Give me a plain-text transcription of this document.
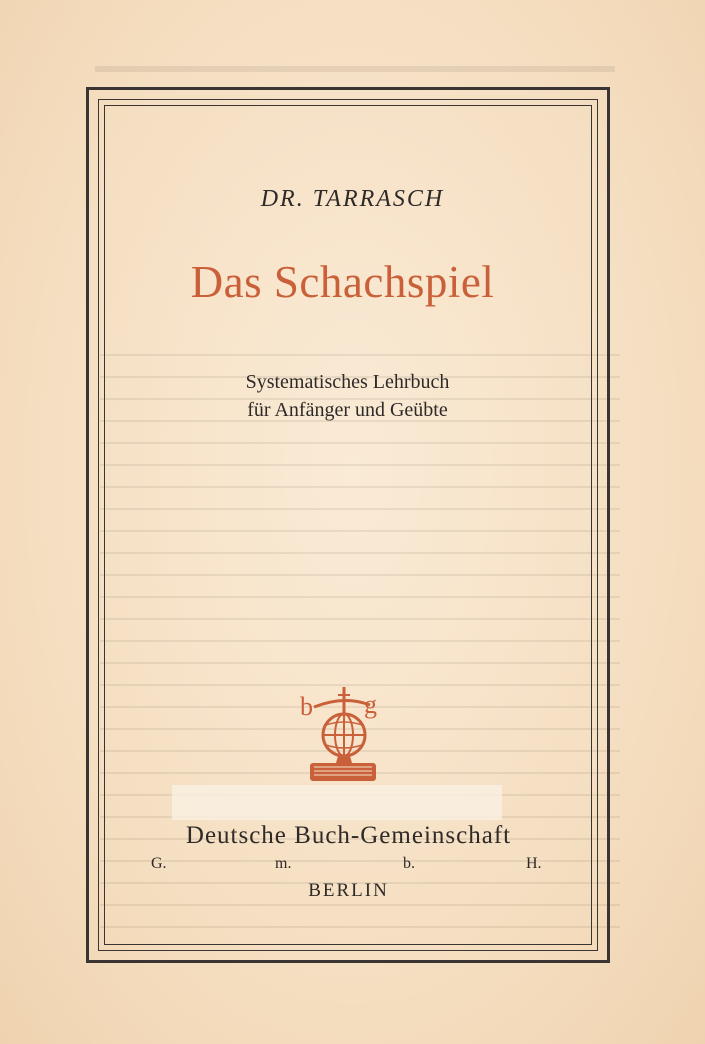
DR. TARRASCH
Das Schachspiel
Systematisches Lehrbuch
für Anfänger und Geübte
b g
Deutsche Buch-Gemeinschaft
G.	m.	b.	H.
BERLIN
